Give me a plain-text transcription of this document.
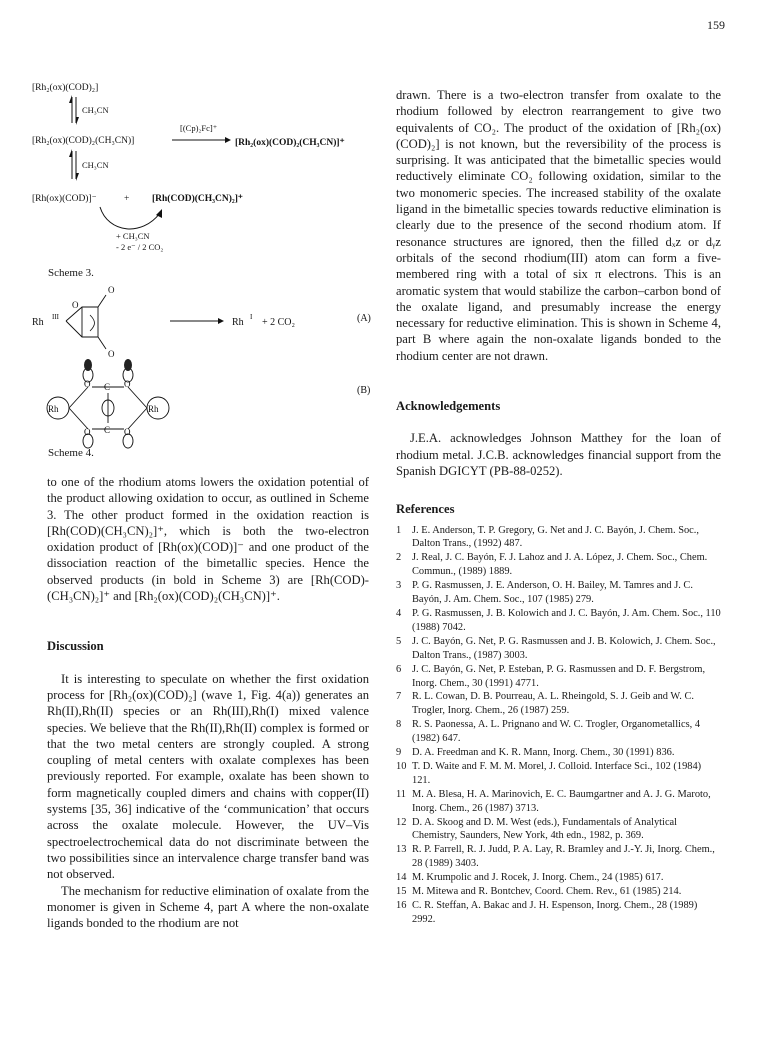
159
[Rh₂(ox)(COD)₂]
CH₃CN
[Rh₂(ox)(COD)₂(CH₃CN)]
[(Cp)₂Fc]⁺
[Rh₂(ox)(COD)₂(CH₃CN)]⁺
CH₃CN
[Rh(ox)(COD)]⁻	+ [Rh(COD)(CH₃CN)₂]⁺
+ CH₃CN
- 2 e⁻ / 2 CO₂
Rh III
O
O
O
Rh I + 2 CO₂	(A)
Rh	Rh
C
C
O	O
O	O
(B)
Scheme 3.
Scheme 4.

to one of the rhodium atoms lowers the oxidation potential of the product allowing oxidation to occur, as outlined in Scheme 3. The other product formed in the oxidation reaction is [Rh(COD)(CH₃CN)₂]⁺, which is both the two-electron oxidation product of [Rh(ox)(COD)]⁻ and one product of the dissociation reaction of the bimetallic species. Hence the observed products (in bold in Scheme 3) are [Rh(COD)-(CH₃CN)₂]⁺ and [Rh₂(ox)(COD)₂(CH₃CN)]⁺.

Discussion

It is interesting to speculate on whether the first oxidation process for [Rh₂(ox)(COD)₂] (wave 1, Fig. 4(a)) generates an Rh(II),Rh(II) species or an Rh(III),Rh(I) mixed valence species. We believe that the Rh(II),Rh(II) complex is formed or that the two metal centers are strongly coupled. A strong coupling of metal centers with oxalate complexes has been previously reported. For example, oxalate has been shown to form magnetically coupled dimers and chains with copper(II) systems [35, 36] indicative of the ‘communication’ that occurs across the oxalate molecule. However, the UV–Vis spectroelectrochemical data do not discriminate between the two possibilities since an intervalence charge transfer band was not observed.

The mechanism for reductive elimination of oxalate from the monomer is given in Scheme 4, part A where the non-oxalate ligands bonded to the rhodium are not

drawn. There is a two-electron transfer from oxalate to the rhodium followed by electron rearrangement to give two equivalents of CO₂. The product of the oxidation of [Rh₂(ox)(COD)₂] is not known, but the reversibility of the process is surprising. It was anticipated that the bimetallic species would reductively eliminate CO₂ following oxidation, similar to the two monomeric species. The increased stability of the oxalate ligand in the bimetallic species towards reductive elimination is clearly due to the presence of the second rhodium atom. If resonance structures are ignored, then the filled dₓz or dᵧz orbitals of the second rhodium(III) atom can form a five-membered ring with a total of six π electrons. This is an aromatic system that would stabilize the carbon–carbon bond of the oxalate ligand, and presumably increase the energy necessary for reductive elimination. This is shown in Scheme 4, part B where again the non-oxalate ligands bonded to the rhodium center are not drawn.

Acknowledgements

J.E.A. acknowledges Johnson Matthey for the loan of rhodium metal. J.C.B. acknowledges financial support from the Spanish DGICYT (PB-88-0252).

References
1	J. E. Anderson, T. P. Gregory, G. Net and J. C. Bayón, J. Chem. Soc., Dalton Trans., (1992) 487.
2	J. Real, J. C. Bayón, F. J. Lahoz and J. A. López, J. Chem. Soc., Chem. Commun., (1989) 1889.
3	P. G. Rasmussen, J. E. Anderson, O. H. Bailey, M. Tamres and J. C. Bayón, J. Am. Chem. Soc., 107 (1985) 279.
4	P. G. Rasmussen, J. B. Kolowich and J. C. Bayón, J. Am. Chem. Soc., 110 (1988) 7042.
5	J. C. Bayón, G. Net, P. G. Rasmussen and J. B. Kolowich, J. Chem. Soc., Dalton Trans., (1987) 3003.
6	J. C. Bayón, G. Net, P. Esteban, P. G. Rasmussen and D. F. Bergstrom, Inorg. Chem., 30 (1991) 4771.
7	R. L. Cowan, D. B. Pourreau, A. L. Rheingold, S. J. Geib and W. C. Trogler, Inorg. Chem., 26 (1987) 259.
8	R. S. Paonessa, A. L. Prignano and W. C. Trogler, Organometallics, 4 (1982) 647.
9	D. A. Freedman and K. R. Mann, Inorg. Chem., 30 (1991) 836.
10 T. D. Waite and F. M. M. Morel, J. Colloid. Interface Sci., 102 (1984) 121.
11 M. A. Blesa, H. A. Marinovich, E. C. Baumgartner and A. J. G. Maroto, Inorg. Chem., 26 (1987) 3713.
12 D. A. Skoog and D. M. West (eds.), Fundamentals of Analytical Chemistry, Saunders, New York, 4th edn., 1982, p. 369.
13 R. P. Farrell, R. J. Judd, P. A. Lay, R. Bramley and J.-Y. Ji, Inorg. Chem., 28 (1989) 3403.
14 M. Krumpolic and J. Rocek, J. Inorg. Chem., 24 (1985) 617.
15 M. Mitewa and R. Bontchev, Coord. Chem. Rev., 61 (1985) 214.
16 C. R. Steffan, A. Bakac and J. H. Espenson, Inorg. Chem., 28 (1989) 2992.
